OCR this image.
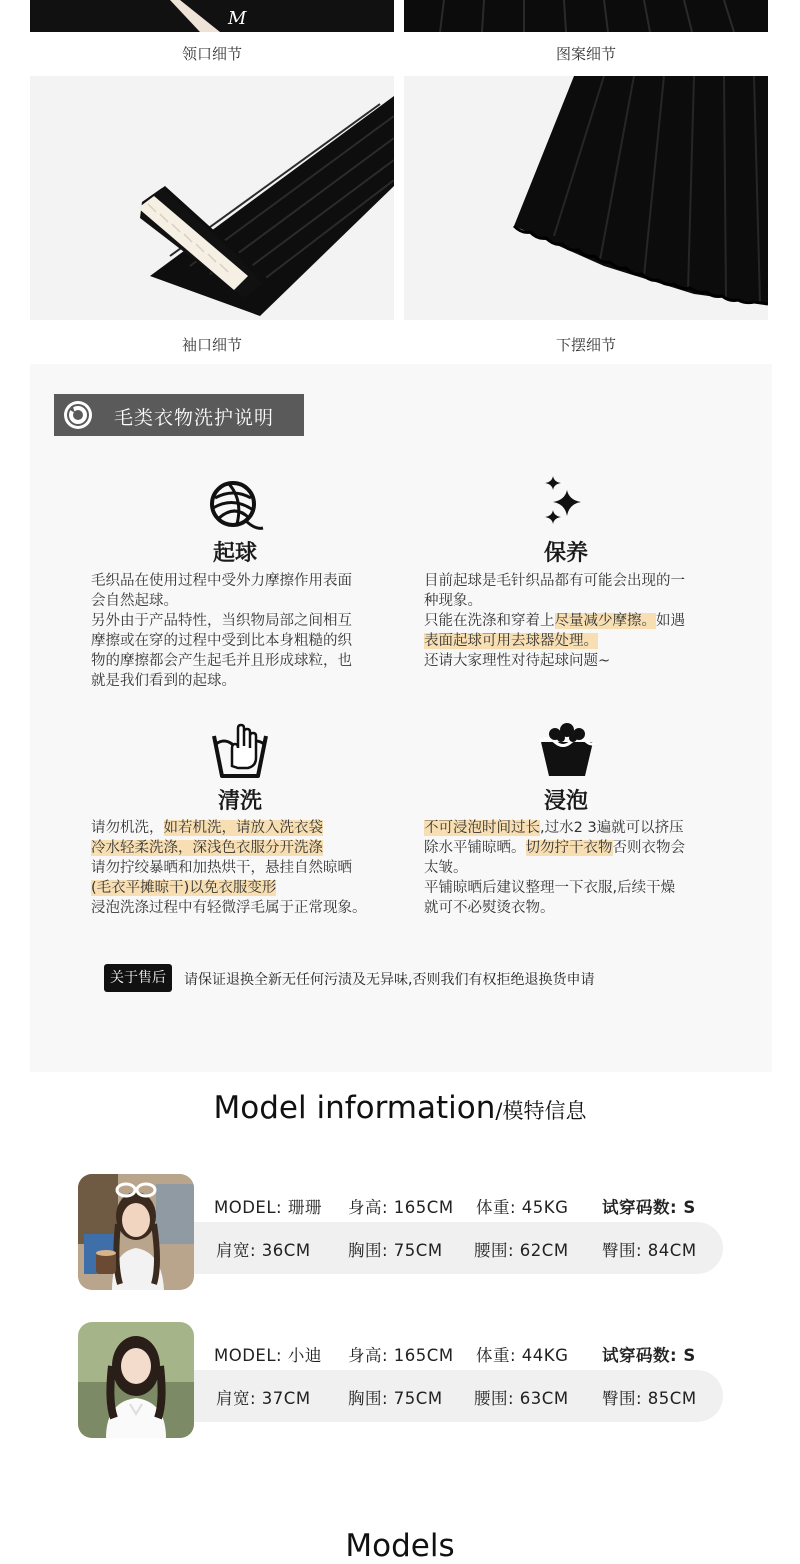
M
领口细节	图案细节
袖口细节	下摆细节
毛类衣物洗护说明
起球

毛织品在使用过程中受外力摩擦作用表面

会自然起球。

另外由于产品特性，当织物局部之间相互

摩擦或在穿的过程中受到比本身粗糙的织

物的摩擦都会产生起毛并且形成球粒，也

就是我们看到的起球。

保养

目前起球是毛针织品都有可能会出现的一

种现象。

只能在洗涤和穿着上尽量减少摩擦。如遇

表面起球可用去球器处理。

还请大家理性对待起球问题~

清洗

请勿机洗，如若机洗，请放入洗衣袋

冷水轻柔洗涤，深浅色衣服分开洗涤

请勿拧绞暴晒和加热烘干，悬挂自然晾晒

(毛衣平摊晾干)以免衣服变形

浸泡洗涤过程中有轻微浮毛属于正常现象。

浸泡

不可浸泡时间过长,过水2 3遍就可以挤压

除水平铺晾晒。切勿拧干衣物否则衣物会

太皱。

平铺晾晒后建议整理一下衣服,后续干燥

就可不必熨烫衣物。

关于售后	请保证退换全新无任何污渍及无异味,否则我们有权拒绝退换货申请
Model information/模特信息
MODEL: 珊珊 身高: 165CM 体重: 45KG 试穿码数: S
肩宽: 36CM 胸围: 75CM 腰围: 62CM 臀围: 84CM
MODEL: 小迪 身高: 165CM 体重: 44KG 试穿码数: S
肩宽: 37CM 胸围: 75CM 腰围: 63CM 臀围: 85CM
Models
